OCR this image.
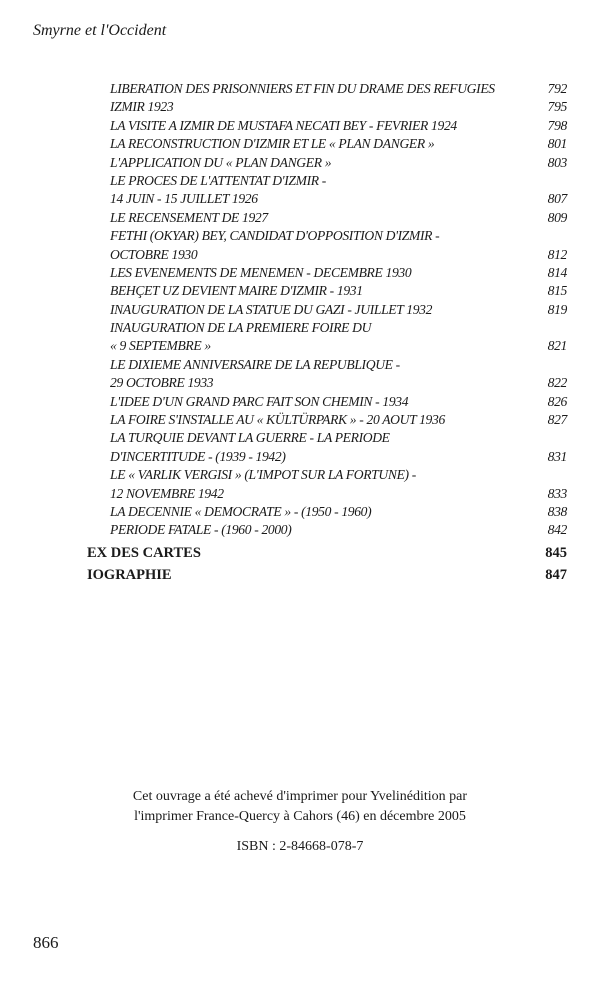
Smyrne et l'Occident
LIBERATION DES PRISONNIERS ET FIN DU DRAME DES REFUGIES	792
IZMIR 1923	795
LA VISITE A IZMIR DE MUSTAFA NECATI BEY - FEVRIER 1924	798
LA RECONSTRUCTION D'IZMIR ET LE « PLAN DANGER »	801
L'APPLICATION DU « PLAN DANGER »	803
LE PROCES DE L'ATTENTAT D'IZMIR -
14 JUIN - 15 JUILLET 1926	807
LE RECENSEMENT DE 1927	809
FETHI (OKYAR) BEY, CANDIDAT D'OPPOSITION D'IZMIR -
OCTOBRE 1930	812
LES EVENEMENTS DE MENEMEN - DECEMBRE 1930	814
BEHÇET UZ DEVIENT MAIRE D'IZMIR - 1931	815
INAUGURATION DE LA STATUE DU GAZI - JUILLET 1932	819
INAUGURATION DE LA PREMIERE FOIRE DU
« 9 SEPTEMBRE »	821
LE DIXIEME ANNIVERSAIRE DE LA REPUBLIQUE -
29 OCTOBRE 1933	822
L'IDEE D'UN GRAND PARC FAIT SON CHEMIN - 1934	826
LA FOIRE S'INSTALLE AU « KÜLTÜRPARK » - 20 AOUT 1936	827
LA TURQUIE DEVANT LA GUERRE - LA PERIODE
D'INCERTITUDE - (1939 - 1942)	831
LE « VARLIK VERGISI » (L'IMPOT SUR LA FORTUNE) -
12 NOVEMBRE 1942	833
LA DECENNIE « DEMOCRATE » - (1950 - 1960)	838
PERIODE FATALE - (1960 - 2000)	842
EX DES CARTES	845
IOGRAPHIE	847
Cet ouvrage a été achevé d'imprimer pour Yvelinédition par
l'imprimer France-Quercy à Cahors (46) en décembre 2005
ISBN : 2-84668-078-7
866
